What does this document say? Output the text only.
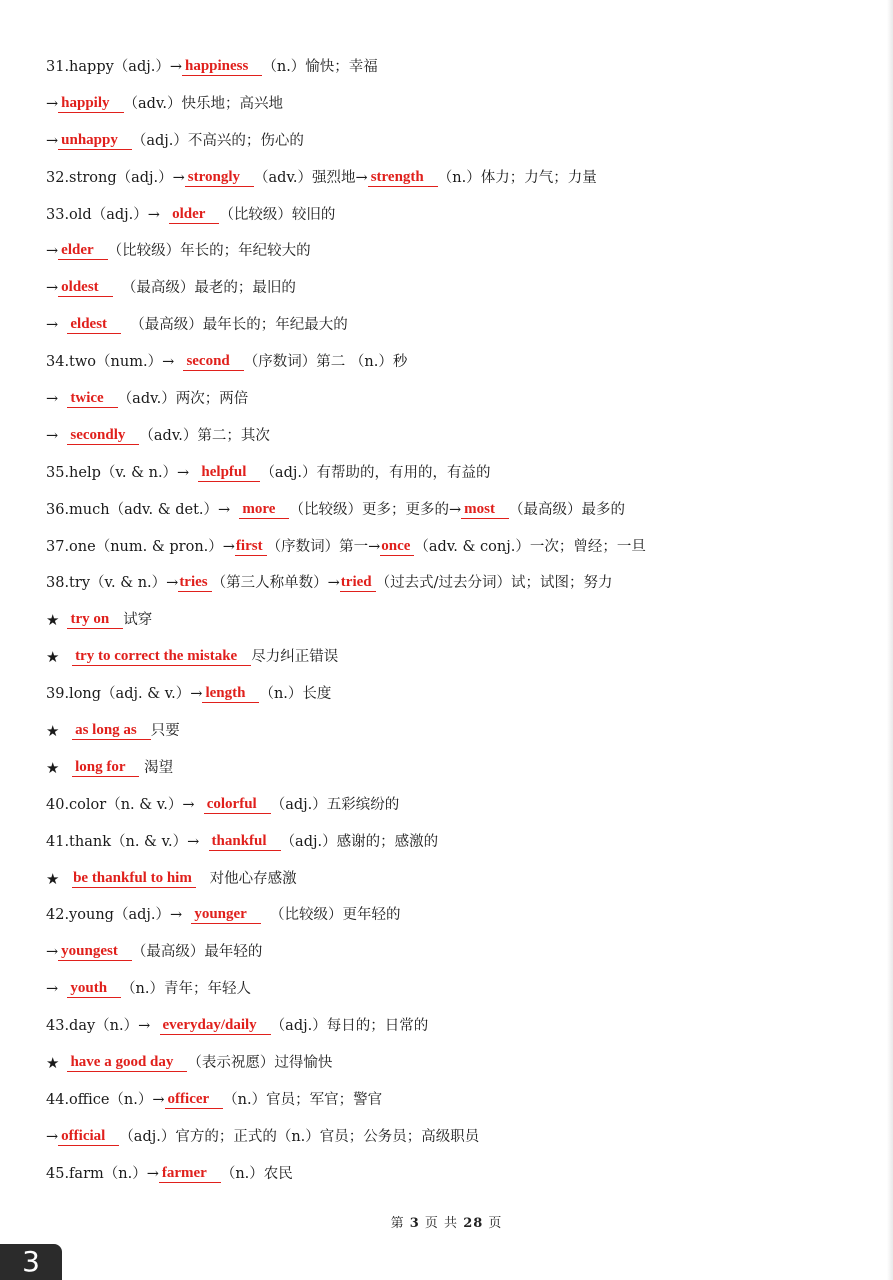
31.happy（adj.）→ happiness （n.）愉快；幸福
→ happily （adv.）快乐地；高兴地
→ unhappy （adj.）不高兴的；伤心的
32.strong（adj.）→ strongly （adv.）强烈地→ strength （n.）体力；力气；力量
33.old（adj.）→ older （比较级）较旧的
→ elder （比较级）年长的；年纪较大的
→ oldest （最高级）最老的；最旧的
→ eldest （最高级）最年长的；年纪最大的
34.two（num.）→ second （序数词）第二 （n.）秒
→ twice （adv.）两次；两倍
→ secondly （adv.）第二；其次
35.help（v. & n.）→ helpful （adj.）有帮助的，有用的，有益的
36.much（adv. & det.）→ more （比较级）更多；更多的→ most （最高级）最多的
37.one（num. & pron.）→ first （序数词）第一→ once （adv. & conj.）一次；曾经；一旦
38.try（v. & n.）→ tries （第三人称单数）→ tried （过去式/过去分词）试；试图；努力
★ try on 试穿
★
try to correct the mistake 尽力纠正错误
39.long（adj. & v.）→ length （n.）长度
★
as long as 只要
★
long for 渴望
40.color（n. & v.）→ colorful （adj.）五彩缤纷的
41.thank（n. & v.）→ thankful （adj.）感谢的；感激的
★
be thankful to him 对他心存感激
42.young（adj.）→ younger （比较级）更年轻的
→ youngest （最高级）最年轻的
→ youth （n.）青年；年轻人
43.day（n.）→ everyday/daily （adj.）每日的；日常的
★ have a good day （表示祝愿）过得愉快
44.office（n.）→ officer （n.）官员；军官；警官
→ official （adj.）官方的；正式的（n.）官员；公务员；高级职员
45.farm（n.）→ farmer （n.）农民
第 3 页 共 28 页
3
